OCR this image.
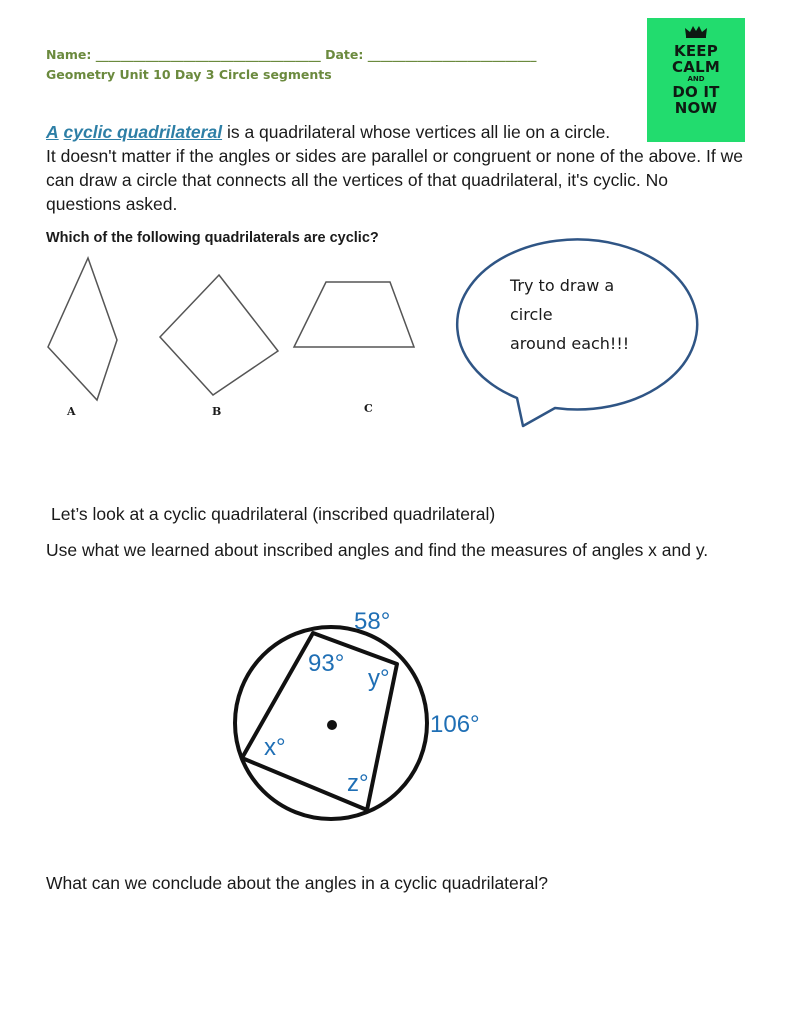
Name: ____________________________________ Date: ___________________________
Geometry Unit 10 Day 3 Circle segments
KEEP
CALM
AND
DO IT
NOW
A cyclic quadrilateral is a quadrilateral whose vertices all lie on a circle.
It doesn't matter if the angles or sides are parallel or congruent or none of the above. If we can draw a circle that connects all the vertices of that quadrilateral, it's cyclic. No questions asked.
Which of the following quadrilaterals are cyclic?
A	B	C
Try to draw a
circle
around each!!!
Let’s look at a cyclic quadrilateral (inscribed quadrilateral)
Use what we learned about inscribed angles and find the measures of angles x and y.
58°
93°
y°
106°
x°
z°
What can we conclude about the angles in a cyclic quadrilateral?
